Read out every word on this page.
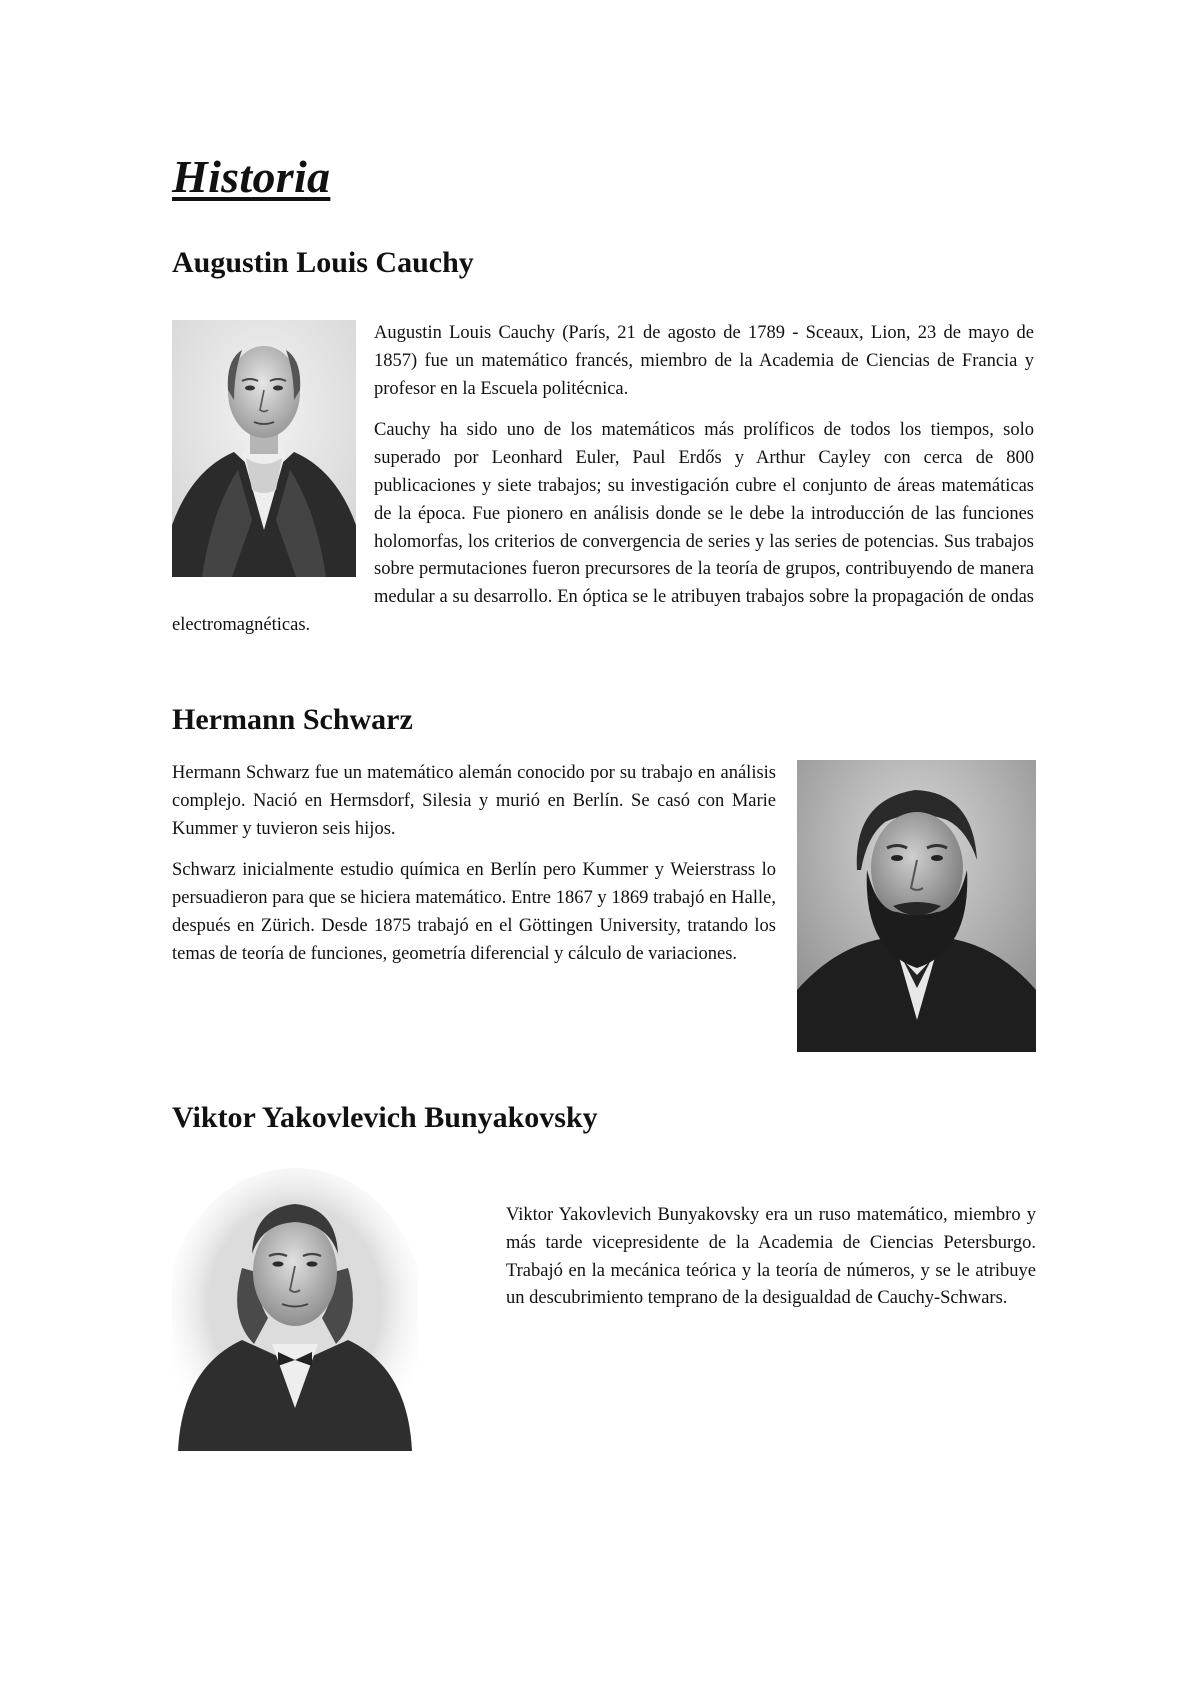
Historia
Augustin Louis Cauchy

Augustin Louis Cauchy (París, 21 de agosto de 1789 - Sceaux, Lion, 23 de mayo de 1857) fue un matemático francés, miembro de la Academia de Ciencias de Francia y profesor en la Escuela politécnica.

Cauchy ha sido uno de los matemáticos más prolíficos de todos los tiempos, solo superado por Leonhard Euler, Paul Erdős y Arthur Cayley con cerca de 800 publicaciones y siete trabajos; su investigación cubre el conjunto de áreas matemáticas de la época. Fue pionero en análisis donde se le debe la introducción de las funciones holomorfas, los criterios de convergencia de series y las series de potencias. Sus trabajos sobre permutaciones fueron precursores de la teoría de grupos, contribuyendo de manera medular a su desarrollo. En óptica se le atribuyen trabajos sobre la propagación de ondas electromagnéticas.

Hermann Schwarz

Hermann Schwarz fue un matemático alemán conocido por su trabajo en análisis complejo. Nació en Hermsdorf, Silesia y murió en Berlín. Se casó con Marie Kummer y tuvieron seis hijos.

Schwarz inicialmente estudio química en Berlín pero Kummer y Weierstrass lo persuadieron para que se hiciera matemático. Entre 1867 y 1869 trabajó en Halle, después en Zürich. Desde 1875 trabajó en el Göttingen University, tratando los temas de teoría de funciones, geometría diferencial y cálculo de variaciones.

Viktor Yakovlevich Bunyakovsky

Viktor Yakovlevich Bunyakovsky era un ruso matemático, miembro y más tarde vicepresidente de la Academia de Ciencias Petersburgo. Trabajó en la mecánica teórica y la teoría de números, y se le atribuye un descubrimiento temprano de la desigualdad de Cauchy-Schwars.
